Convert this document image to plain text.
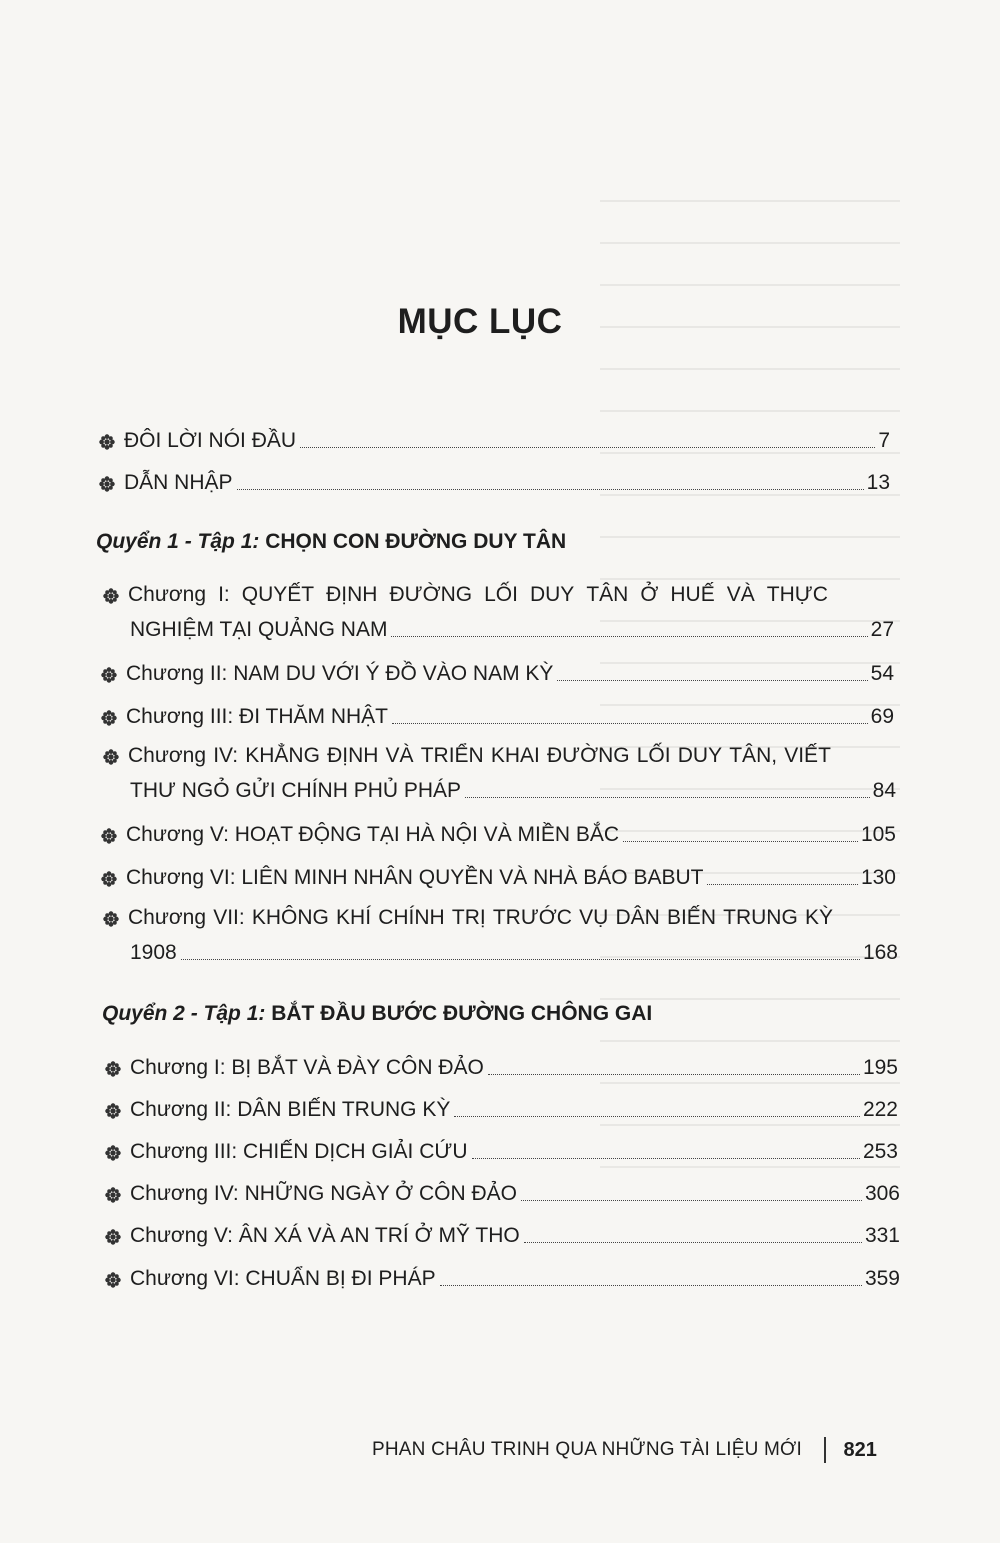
MỤC LỤC
ĐÔI LỜI NÓI ĐẦU	7
DẪN NHẬP	13
Quyển 1 - Tập 1: CHỌN CON ĐƯỜNG DUY TÂN
Chương I: QUYẾT ĐỊNH ĐƯỜNG LỐI DUY TÂN Ở HUẾ VÀ THỰC
NGHIỆM TẠI QUẢNG NAM	27
Chương II: NAM DU VỚI Ý ĐỒ VÀO NAM KỲ	54
Chương III: ĐI THĂM NHẬT	69
Chương IV: KHẲNG ĐỊNH VÀ TRIỂN KHAI ĐƯỜNG LỐI DUY TÂN, VIẾT
THƯ NGỎ GỬI CHÍNH PHỦ PHÁP	84
Chương V: HOẠT ĐỘNG TẠI HÀ NỘI VÀ MIỀN BẮC	105
Chương VI: LIÊN MINH NHÂN QUYỀN VÀ NHÀ BÁO BABUT	130
Chương VII: KHÔNG KHÍ CHÍNH TRỊ TRƯỚC VỤ DÂN BIẾN TRUNG KỲ
1908	168
Quyển 2 - Tập 1: BẮT ĐẦU BƯỚC ĐƯỜNG CHÔNG GAI
Chương I: BỊ BẮT VÀ ĐÀY CÔN ĐẢO	195
Chương II: DÂN BIẾN TRUNG KỲ	222
Chương III: CHIẾN DỊCH GIẢI CỨU	253
Chương IV: NHỮNG NGÀY Ở CÔN ĐẢO	306
Chương V: ÂN XÁ VÀ AN TRÍ Ở MỸ THO	331
Chương VI: CHUẨN BỊ ĐI PHÁP	359
PHAN CHÂU TRINH QUA NHỮNG TÀI LIỆU MỚI 821
